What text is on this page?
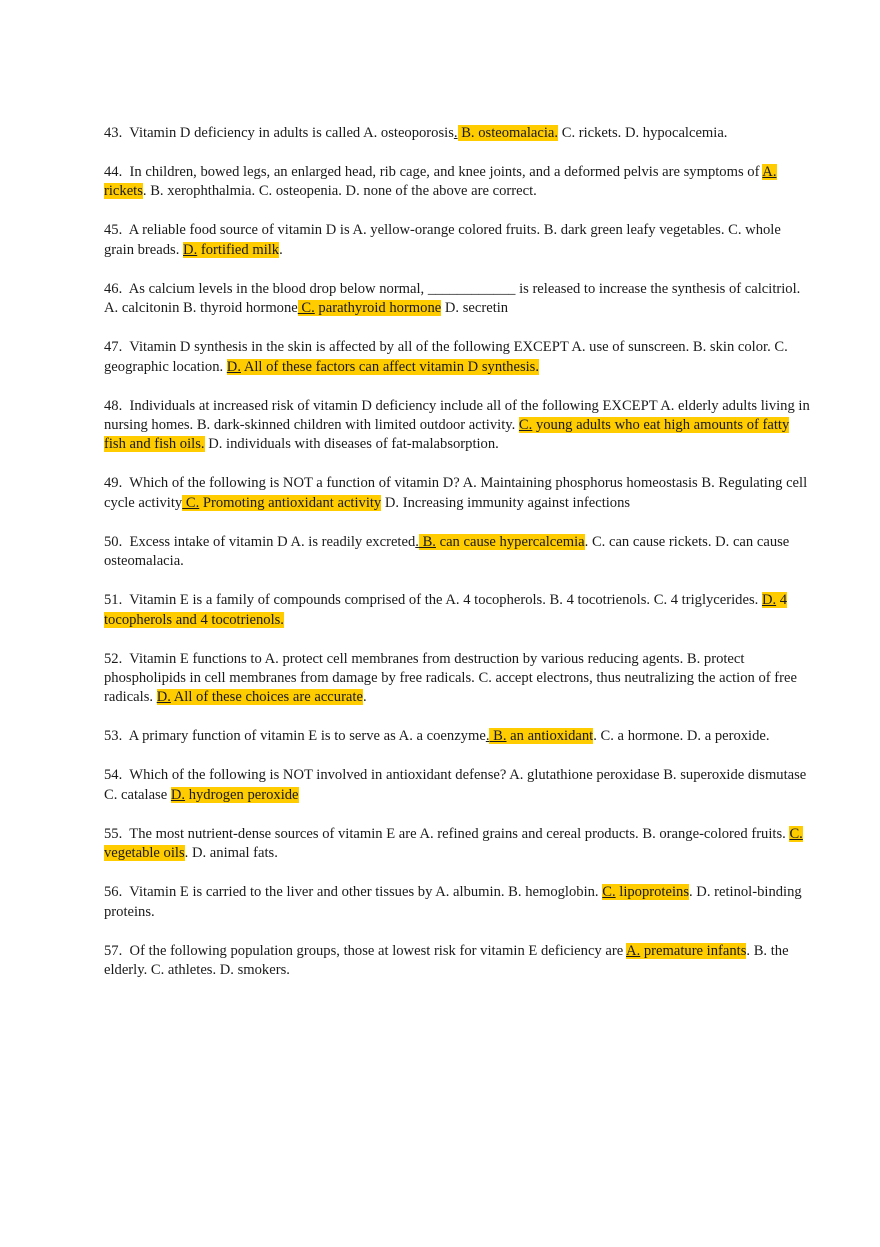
43. Vitamin D deficiency in adults is called A. osteoporosis. B. osteomalacia. C. rickets. D. hypocalcemia.

44. In children, bowed legs, an enlarged head, rib cage, and knee joints, and a deformed pelvis are symptoms of A. rickets. B. xerophthalmia. C. osteopenia. D. none of the above are correct.

45. A reliable food source of vitamin D is A. yellow-orange colored fruits. B. dark green leafy vegetables. C. whole grain breads. D. fortified milk.

46. As calcium levels in the blood drop below normal, ____________ is released to increase the synthesis of calcitriol. A. calcitonin B. thyroid hormone C. parathyroid hormone D. secretin

47. Vitamin D synthesis in the skin is affected by all of the following EXCEPT A. use of sunscreen. B. skin color. C. geographic location. D. All of these factors can affect vitamin D synthesis.

48. Individuals at increased risk of vitamin D deficiency include all of the following EXCEPT A. elderly adults living in nursing homes. B. dark-skinned children with limited outdoor activity. C. young adults who eat high amounts of fatty fish and fish oils. D. individuals with diseases of fat-malabsorption.

49. Which of the following is NOT a function of vitamin D? A. Maintaining phosphorus homeostasis B. Regulating cell cycle activity C. Promoting antioxidant activity D. Increasing immunity against infections

50. Excess intake of vitamin D A. is readily excreted. B. can cause hypercalcemia. C. can cause rickets. D. can cause osteomalacia.

51. Vitamin E is a family of compounds comprised of the A. 4 tocopherols. B. 4 tocotrienols. C. 4 triglycerides. D. 4 tocopherols and 4 tocotrienols.

52. Vitamin E functions to A. protect cell membranes from destruction by various reducing agents. B. protect phospholipids in cell membranes from damage by free radicals. C. accept electrons, thus neutralizing the action of free radicals. D. All of these choices are accurate.

53. A primary function of vitamin E is to serve as A. a coenzyme. B. an antioxidant. C. a hormone. D. a peroxide.

54. Which of the following is NOT involved in antioxidant defense? A. glutathione peroxidase B. superoxide dismutase C. catalase D. hydrogen peroxide

55. The most nutrient-dense sources of vitamin E are A. refined grains and cereal products. B. orange-colored fruits. C. vegetable oils. D. animal fats.

56. Vitamin E is carried to the liver and other tissues by A. albumin. B. hemoglobin. C. lipoproteins. D. retinol-binding proteins.

57. Of the following population groups, those at lowest risk for vitamin E deficiency are A. premature infants. B. the elderly. C. athletes. D. smokers.
